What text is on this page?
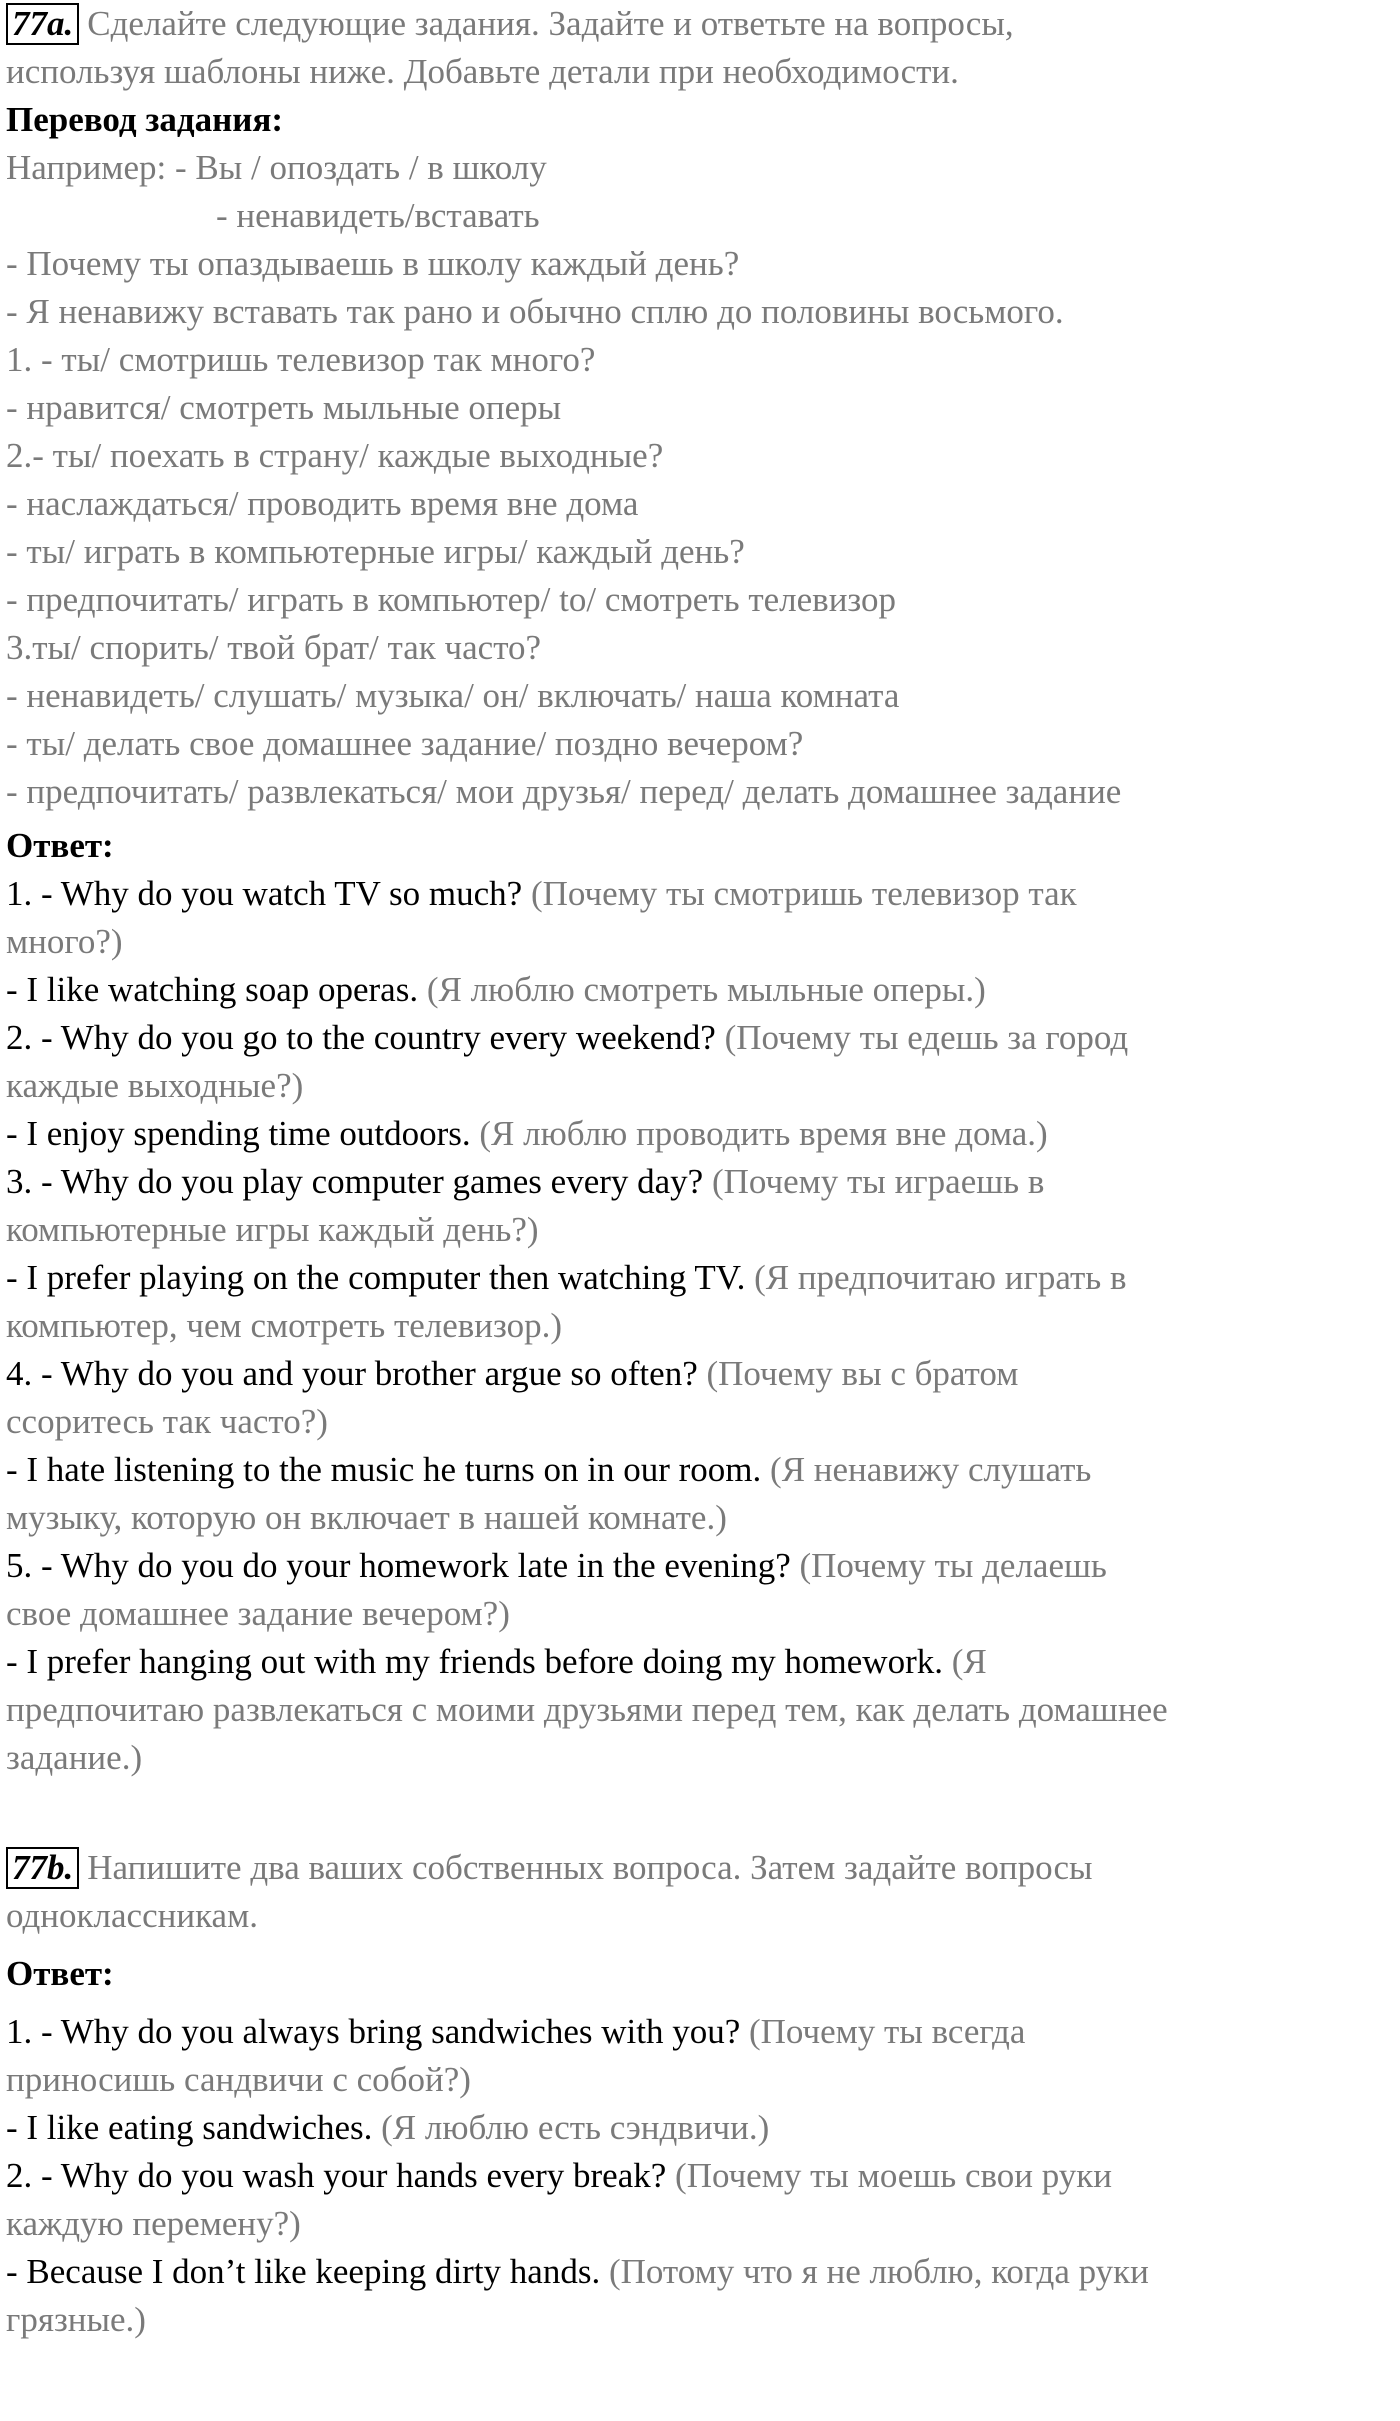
77a. Сделайте следующие задания. Задайте и ответьте на вопросы,
используя шаблоны ниже. Добавьте детали при необходимости.
Перевод задания:
Например: - Вы / опоздать / в школу
- ненавидеть/вставать
- Почему ты опаздываешь в школу каждый день?
- Я ненавижу вставать так рано и обычно сплю до половины восьмого.
1. - ты/ смотришь телевизор так много?
- нравится/ смотреть мыльные оперы
2.- ты/ поехать в страну/ каждые выходные?
- наслаждаться/ проводить время вне дома
- ты/ играть в компьютерные игры/ каждый день?
- предпочитать/ играть в компьютер/ to/ смотреть телевизор
3.ты/ спорить/ твой брат/ так часто?
- ненавидеть/ слушать/ музыка/ он/ включать/ наша комната
- ты/ делать свое домашнее задание/ поздно вечером?
- предпочитать/ развлекаться/ мои друзья/ перед/ делать домашнее задание
Ответ:
1. - Why do you watch TV so much? (Почему ты смотришь телевизор так
много?)
- I like watching soap operas. (Я люблю смотреть мыльные оперы.)
2. - Why do you go to the country every weekend? (Почему ты едешь за город
каждые выходные?)
- I enjoy spending time outdoors. (Я люблю проводить время вне дома.)
3. - Why do you play computer games every day? (Почему ты играешь в
компьютерные игры каждый день?)
- I prefer playing on the computer then watching TV. (Я предпочитаю играть в
компьютер, чем смотреть телевизор.)
4. - Why do you and your brother argue so often? (Почему вы с братом
ссоритесь так часто?)
- I hate listening to the music he turns on in our room. (Я ненавижу слушать
музыку, которую он включает в нашей комнате.)
5. - Why do you do your homework late in the evening? (Почему ты делаешь
свое домашнее задание вечером?)
- I prefer hanging out with my friends before doing my homework. (Я
предпочитаю развлекаться с моими друзьями перед тем, как делать домашнее
задание.)
77b. Напишите два ваших собственных вопроса. Затем задайте вопросы
одноклассникам.
Ответ:
1. - Why do you always bring sandwiches with you? (Почему ты всегда
приносишь сандвичи с собой?)
- I like eating sandwiches. (Я люблю есть сэндвичи.)
2. - Why do you wash your hands every break? (Почему ты моешь свои руки
каждую перемену?)
- Because I don’t like keeping dirty hands. (Потому что я не люблю, когда руки
грязные.)
